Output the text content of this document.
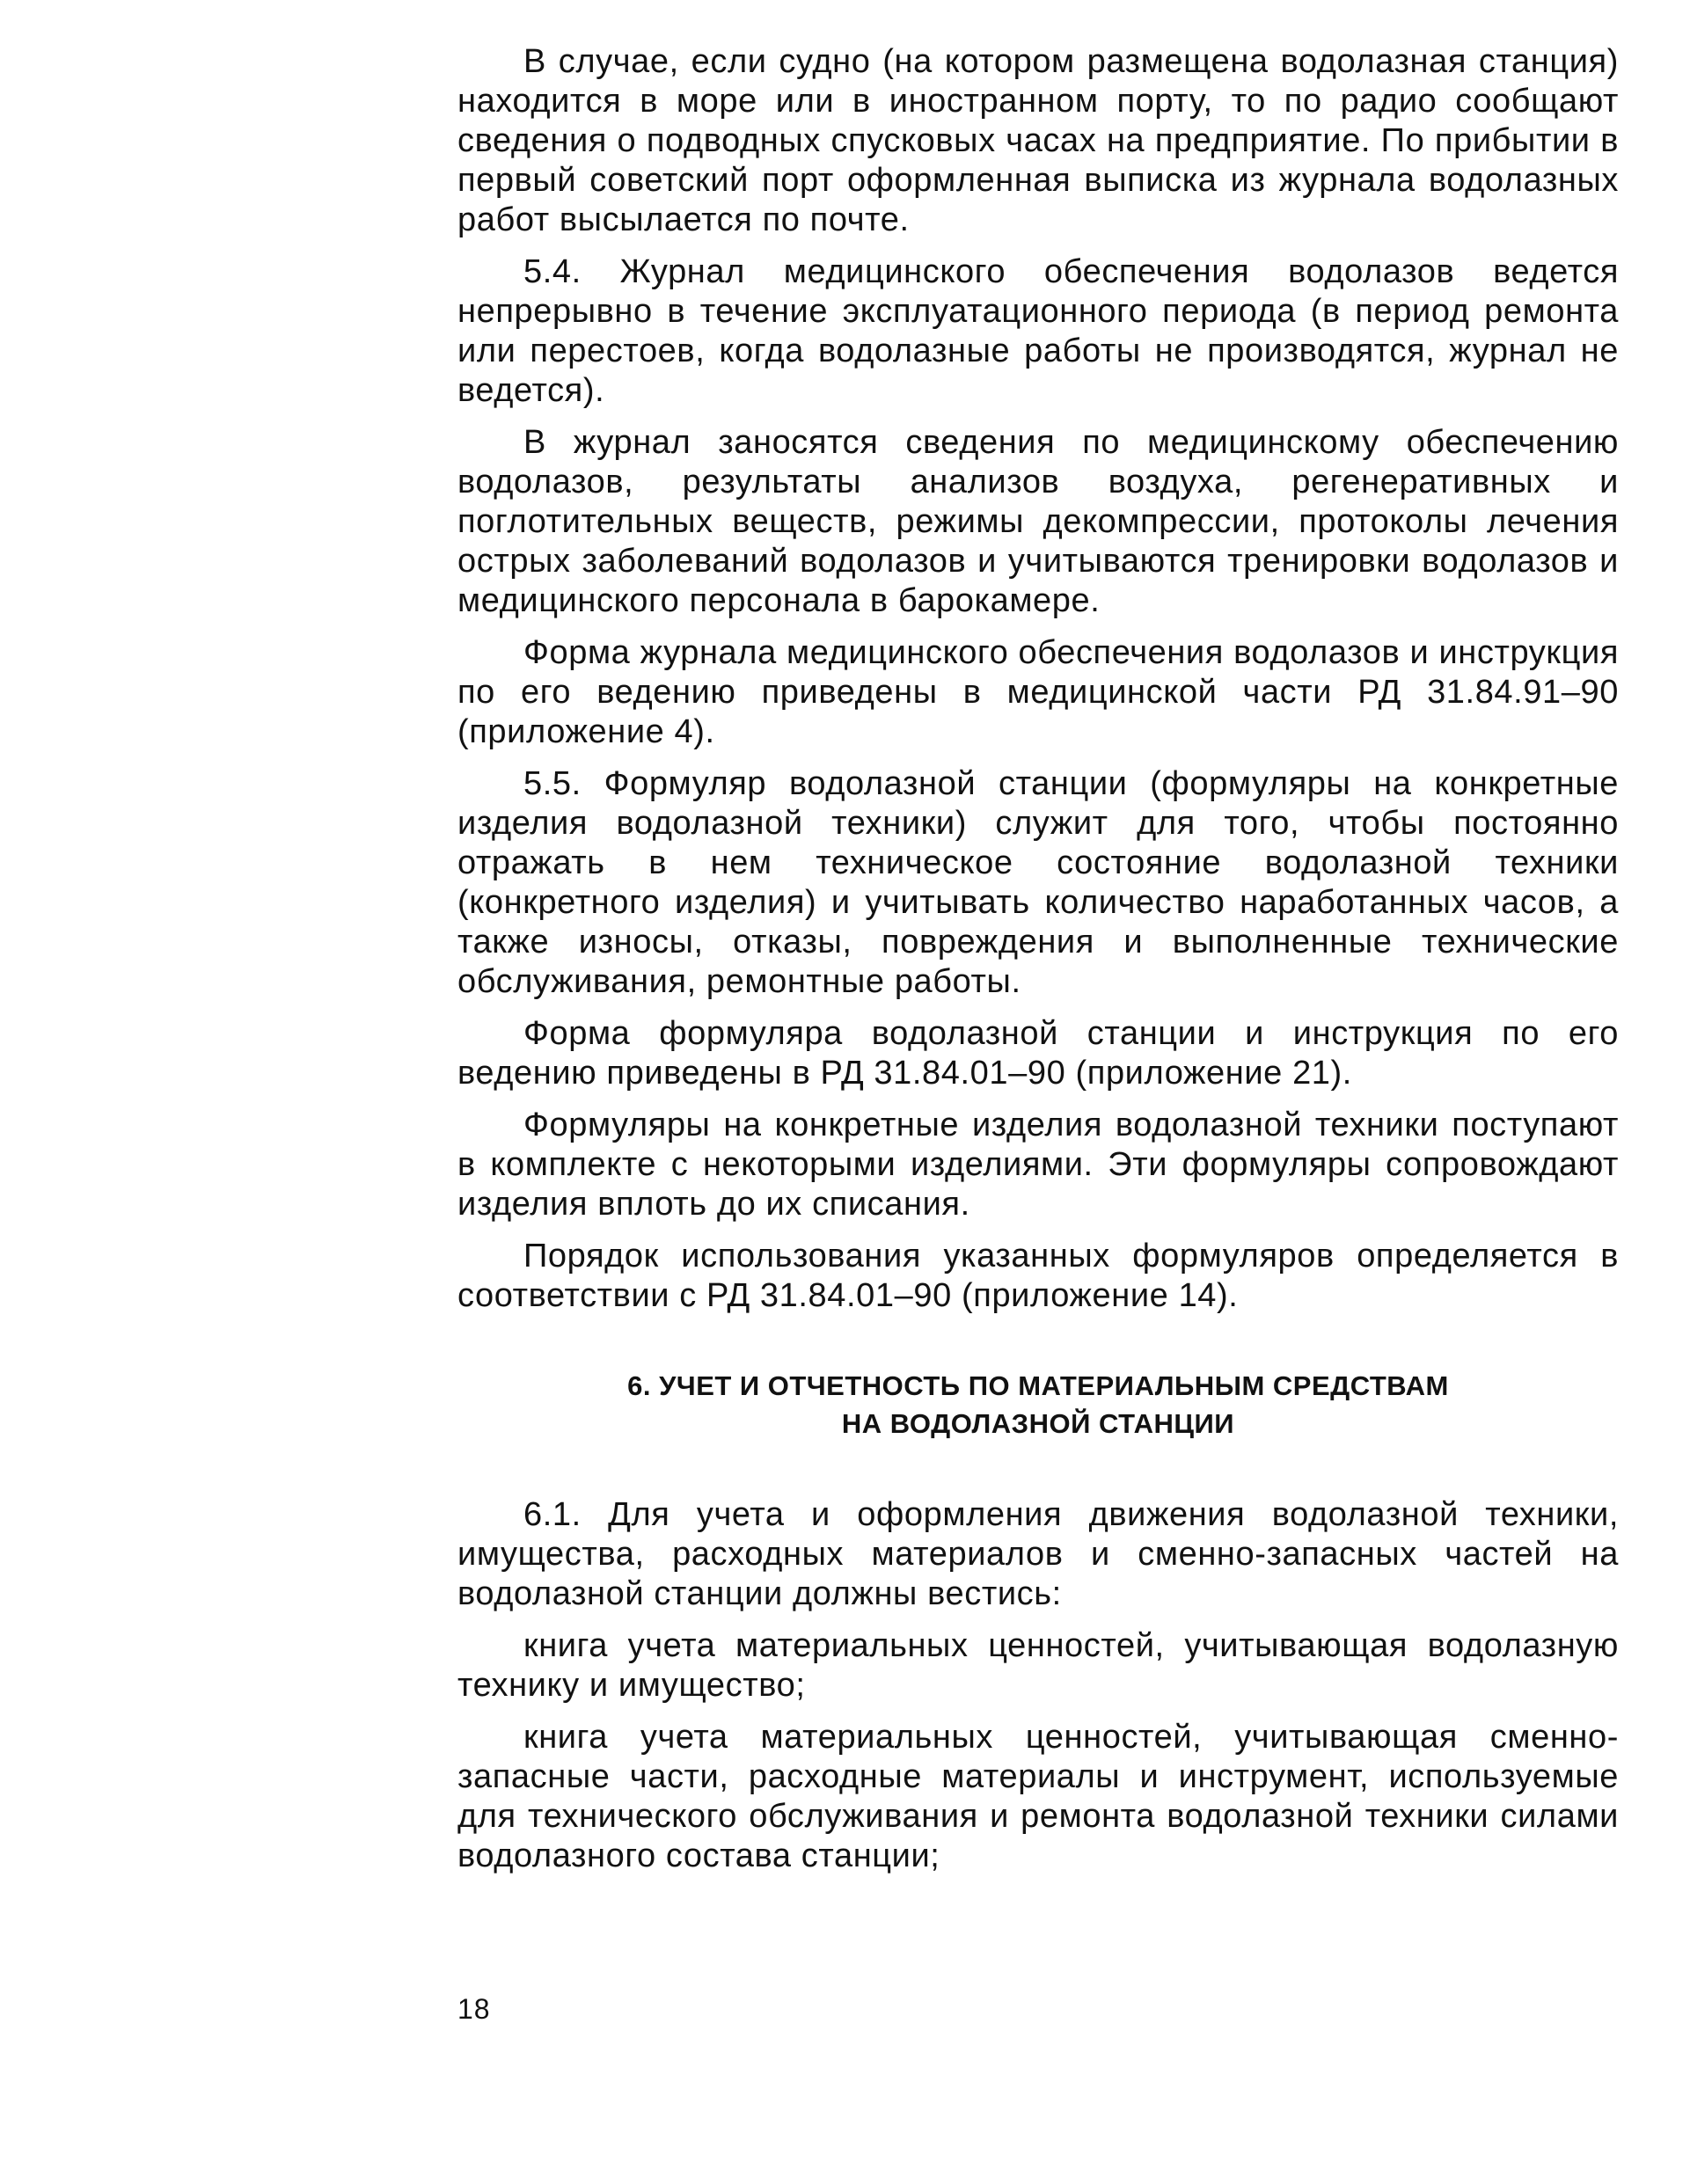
В случае, если судно (на котором размещена водолазная станция) находится в море или в иностранном порту, то по радио сообщают сведения о подводных спусковых часах на предприятие. По прибытии в первый советский порт оформленная выписка из журнала водолазных работ высылается по почте.

5.4. Журнал медицинского обеспечения водолазов ведется непрерывно в течение эксплуатационного периода (в период ремонта или перестоев, когда водолазные работы не производятся, журнал не ведется).

В журнал заносятся сведения по медицинскому обеспечению водолазов, результаты анализов воздуха, регенеративных и поглотительных веществ, режимы декомпрессии, протоколы лечения острых заболеваний водолазов и учитываются тренировки водолазов и медицинского персонала в барокамере.

Форма журнала медицинского обеспечения водолазов и инструкция по его ведению приведены в медицинской части РД 31.84.91–90 (приложение 4).

5.5. Формуляр водолазной станции (формуляры на конкретные изделия водолазной техники) служит для того, чтобы постоянно отражать в нем техническое состояние водолазной техники (конкретного изделия) и учитывать количество наработанных часов, а также износы, отказы, повреждения и выполненные технические обслуживания, ремонтные работы.

Форма формуляра водолазной станции и инструкция по его ведению приведены в РД 31.84.01–90 (приложение 21).

Формуляры на конкретные изделия водолазной техники поступают в комплекте с некоторыми изделиями. Эти формуляры сопровождают изделия вплоть до их списания.

Порядок использования указанных формуляров определяется в соответствии с РД 31.84.01–90 (приложение 14).

6. УЧЕТ И ОТЧЕТНОСТЬ ПО МАТЕРИАЛЬНЫМ СРЕДСТВАМ
НА ВОДОЛАЗНОЙ СТАНЦИИ

6.1. Для учета и оформления движения водолазной техники, имущества, расходных материалов и сменно-запасных частей на водолазной станции должны вестись:

книга учета материальных ценностей, учитывающая водолазную технику и имущество;

книга учета материальных ценностей, учитывающая сменно-запасные части, расходные материалы и инструмент, используемые для технического обслуживания и ремонта водолазной техники силами водолазного состава станции;

18
